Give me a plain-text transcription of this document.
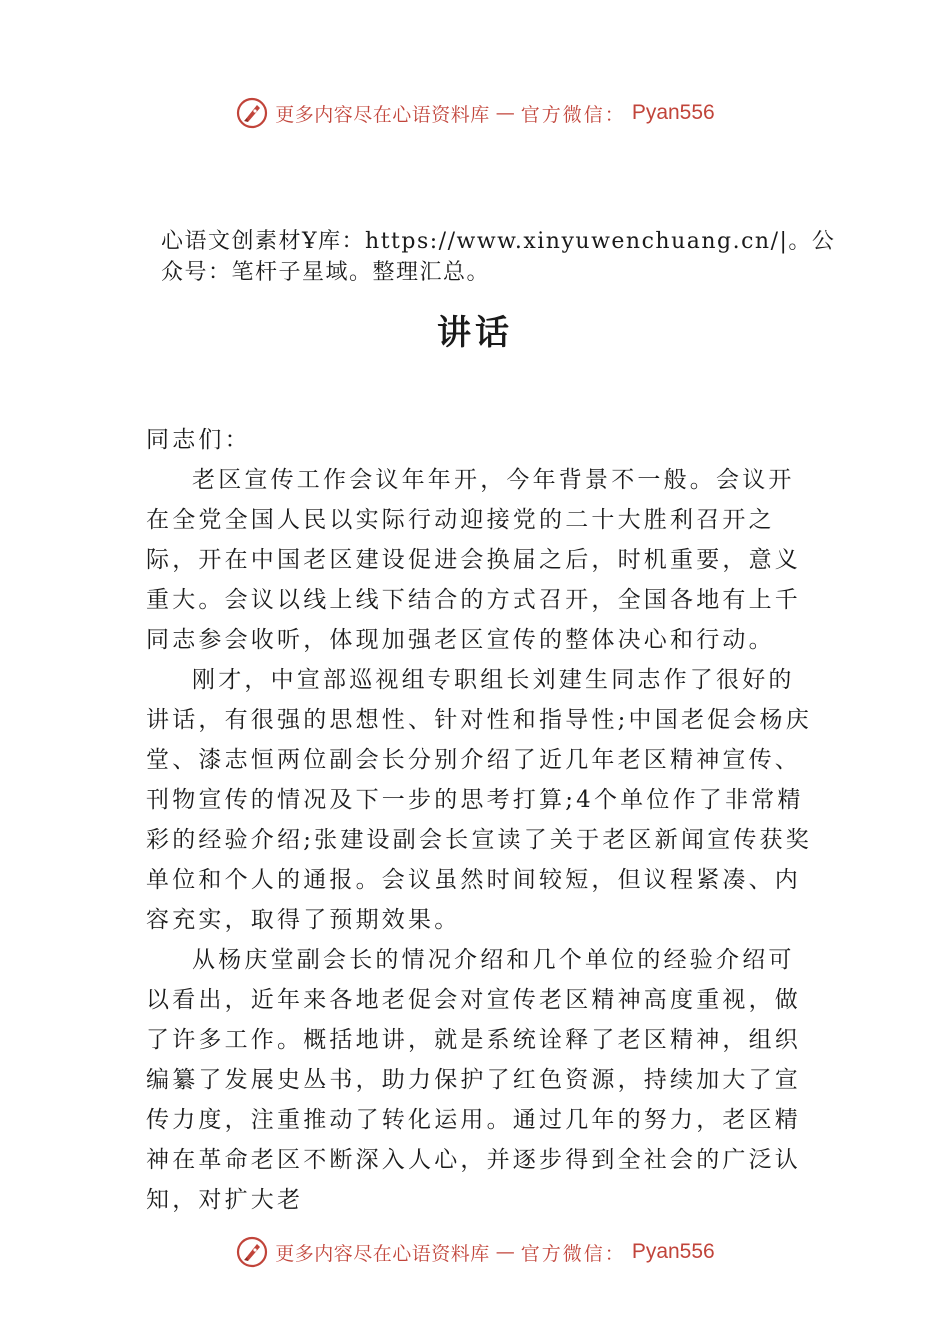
更多内容尽在心语资料库 — 官方微信： Pyan556

心语文创素材Ұ库：https://www.xinyuwenchuang.cn/|。公众号：笔杆子星域。整理汇总。

讲话

同志们：

老区宣传工作会议年年开，今年背景不一般。会议开在全党全国人民以实际行动迎接党的二十大胜利召开之际，开在中国老区建设促进会换届之后，时机重要，意义重大。会议以线上线下结合的方式召开，全国各地有上千同志参会收听，体现加强老区宣传的整体决心和行动。

刚才，中宣部巡视组专职组长刘建生同志作了很好的讲话，有很强的思想性、针对性和指导性;中国老促会杨庆堂、漆志恒两位副会长分别介绍了近几年老区精神宣传、刊物宣传的情况及下一步的思考打算;4个单位作了非常精彩的经验介绍;张建设副会长宣读了关于老区新闻宣传获奖单位和个人的通报。会议虽然时间较短，但议程紧凑、内容充实，取得了预期效果。

从杨庆堂副会长的情况介绍和几个单位的经验介绍可以看出，近年来各地老促会对宣传老区精神高度重视，做了许多工作。概括地讲，就是系统诠释了老区精神，组织编纂了发展史丛书，助力保护了红色资源，持续加大了宣传力度，注重推动了转化运用。通过几年的努力，老区精神在革命老区不断深入人心，并逐步得到全社会的广泛认知，对扩大老

更多内容尽在心语资料库 — 官方微信： Pyan556
